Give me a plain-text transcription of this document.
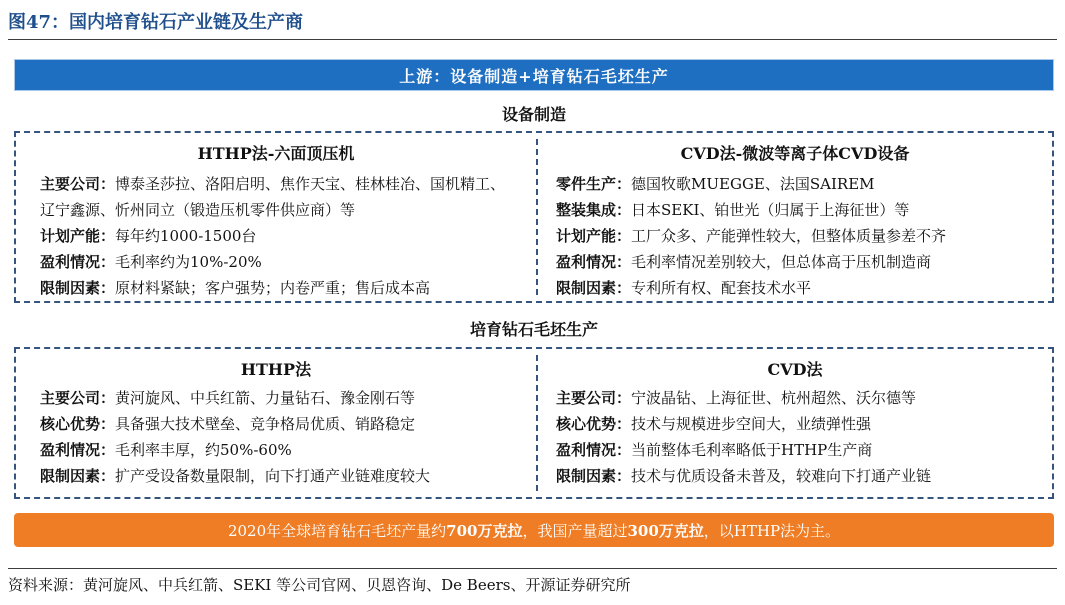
图47：国内培育钻石产业链及生产商
上游：设备制造+培育钻石毛坯生产
设备制造
HTHP法-六面顶压机
主要公司：博泰圣莎拉、洛阳启明、焦作天宝、桂林桂冶、国机精工、辽宁鑫源、忻州同立（锻造压机零件供应商）等
计划产能：每年约1000-1500台
盈利情况：毛利率约为10%-20%
限制因素：原材料紧缺；客户强势；内卷严重；售后成本高
CVD法-微波等离子体CVD设备
零件生产：德国牧歌MUEGGE、法国SAIREM
整装集成：日本SEKI、铂世光（归属于上海征世）等
计划产能：工厂众多、产能弹性较大，但整体质量参差不齐
盈利情况：毛利率情况差别较大，但总体高于压机制造商
限制因素：专利所有权、配套技术水平
培育钻石毛坯生产
HTHP法
主要公司：黄河旋风、中兵红箭、力量钻石、豫金刚石等
核心优势：具备强大技术壁垒、竞争格局优质、销路稳定
盈利情况：毛利率丰厚，约50%-60%
限制因素：扩产受设备数量限制，向下打通产业链难度较大
CVD法
主要公司：宁波晶钻、上海征世、杭州超然、沃尔德等
核心优势：技术与规模进步空间大，业绩弹性强
盈利情况：当前整体毛利率略低于HTHP生产商
限制因素：技术与优质设备未普及，较难向下打通产业链
2020年全球培育钻石毛坯产量约 700万克拉 ，我国产量超过 300万克拉 ，以HTHP法为主。
资料来源：黄河旋风、中兵红箭、SEKI 等公司官网、贝恩咨询、De Beers、开源证券研究所
